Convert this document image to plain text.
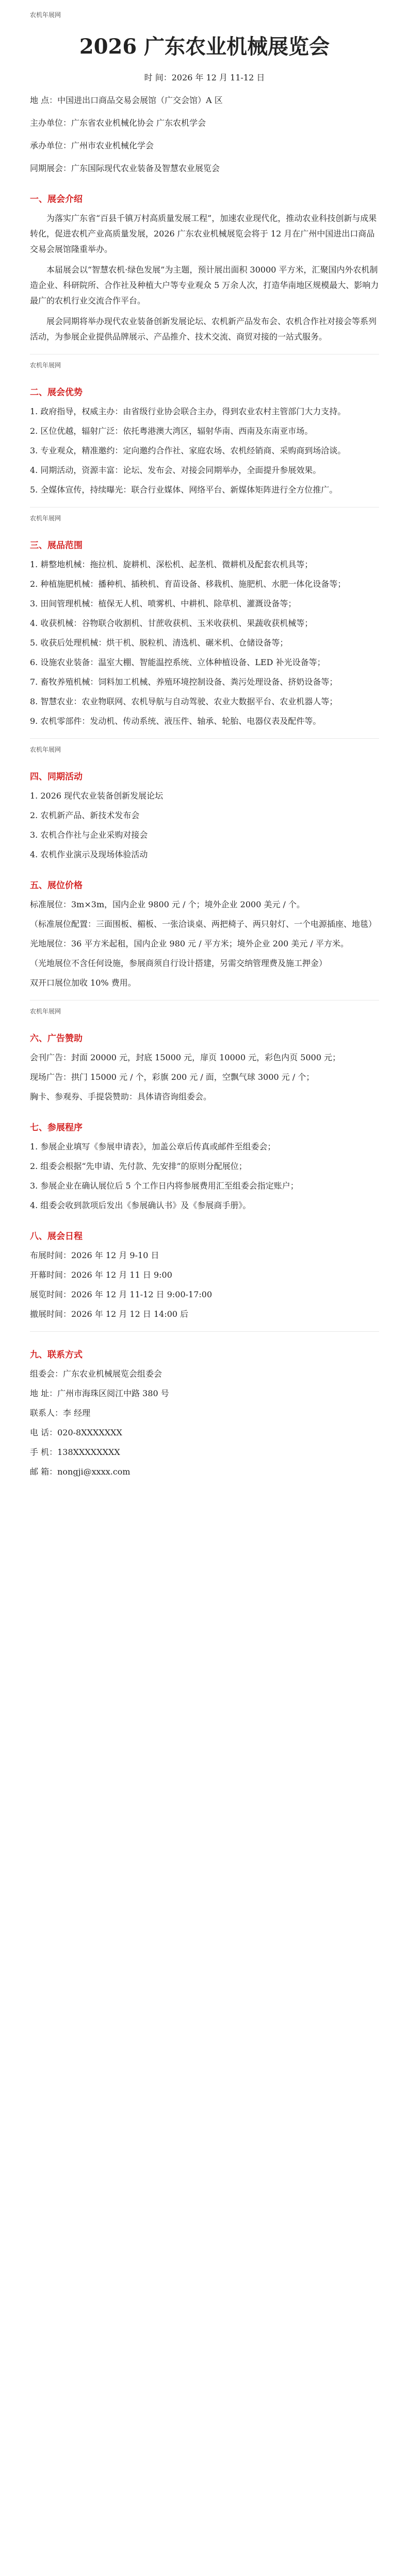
农机年展网
2026 广东农业机械展览会

时 间：2026 年 12 月 11-12 日

地 点：中国进出口商品交易会展馆（广交会馆）A 区

主办单位：广东省农业机械化协会 广东农机学会

承办单位：广州市农业机械化学会

同期展会：广东国际现代农业装备及智慧农业展览会

一、展会介绍

为落实广东省“百县千镇万村高质量发展工程”，加速农业现代化，推动农业科技创新与成果转化，促进农机产业高质量发展，2026 广东农业机械展览会将于 12 月在广州中国进出口商品交易会展馆隆重举办。

本届展会以“智慧农机·绿色发展”为主题，预计展出面积 30000 平方米，汇聚国内外农机制造企业、科研院所、合作社及种植大户等专业观众 5 万余人次，打造华南地区规模最大、影响力最广的农机行业交流合作平台。

展会同期将举办现代农业装备创新发展论坛、农机新产品发布会、农机合作社对接会等系列活动，为参展企业提供品牌展示、产品推介、技术交流、商贸对接的一站式服务。

农机年展网
二、展会优势

1. 政府指导，权威主办：由省级行业协会联合主办，得到农业农村主管部门大力支持。

2. 区位优越，辐射广泛：依托粤港澳大湾区，辐射华南、西南及东南亚市场。

3. 专业观众，精准邀约：定向邀约合作社、家庭农场、农机经销商、采购商到场洽谈。

4. 同期活动，资源丰富：论坛、发布会、对接会同期举办，全面提升参展效果。

5. 全媒体宣传，持续曝光：联合行业媒体、网络平台、新媒体矩阵进行全方位推广。

农机年展网
三、展品范围

1. 耕整地机械：拖拉机、旋耕机、深松机、起垄机、微耕机及配套农机具等；

2. 种植施肥机械：播种机、插秧机、育苗设备、移栽机、施肥机、水肥一体化设备等；

3. 田间管理机械：植保无人机、喷雾机、中耕机、除草机、灌溉设备等；

4. 收获机械：谷物联合收割机、甘蔗收获机、玉米收获机、果蔬收获机械等；

5. 收获后处理机械：烘干机、脱粒机、清选机、碾米机、仓储设备等；

6. 设施农业装备：温室大棚、智能温控系统、立体种植设备、LED 补光设备等；

7. 畜牧养殖机械：饲料加工机械、养殖环境控制设备、粪污处理设备、挤奶设备等；

8. 智慧农业：农业物联网、农机导航与自动驾驶、农业大数据平台、农业机器人等；

9. 农机零部件：发动机、传动系统、液压件、轴承、轮胎、电器仪表及配件等。

农机年展网
四、同期活动

1. 2026 现代农业装备创新发展论坛

2. 农机新产品、新技术发布会

3. 农机合作社与企业采购对接会

4. 农机作业演示及现场体验活动

五、展位价格

标准展位：3m×3m，国内企业 9800 元 / 个；境外企业 2000 美元 / 个。

（标准展位配置：三面围板、楣板、一张洽谈桌、两把椅子、两只射灯、一个电源插座、地毯）

光地展位：36 平方米起租，国内企业 980 元 / 平方米；境外企业 200 美元 / 平方米。

（光地展位不含任何设施，参展商须自行设计搭建，另需交纳管理费及施工押金）

双开口展位加收 10% 费用。

农机年展网
六、广告赞助

会刊广告：封面 20000 元，封底 15000 元，扉页 10000 元，彩色内页 5000 元；

现场广告：拱门 15000 元 / 个，彩旗 200 元 / 面，空飘气球 3000 元 / 个；

胸卡、参观券、手提袋赞助：具体请咨询组委会。

七、参展程序

1. 参展企业填写《参展申请表》，加盖公章后传真或邮件至组委会；

2. 组委会根据“先申请、先付款、先安排”的原则分配展位；

3. 参展企业在确认展位后 5 个工作日内将参展费用汇至组委会指定账户；

4. 组委会收到款项后发出《参展确认书》及《参展商手册》。

八、展会日程

布展时间：2026 年 12 月 9-10 日

开幕时间：2026 年 12 月 11 日 9:00

展览时间：2026 年 12 月 11-12 日 9:00-17:00

撤展时间：2026 年 12 月 12 日 14:00 后

九、联系方式

组委会：广东农业机械展览会组委会

地 址：广州市海珠区阅江中路 380 号

联系人：李 经理

电 话：020-8XXXXXXX

手 机：138XXXXXXXX

邮 箱：nongji@xxxx.com
